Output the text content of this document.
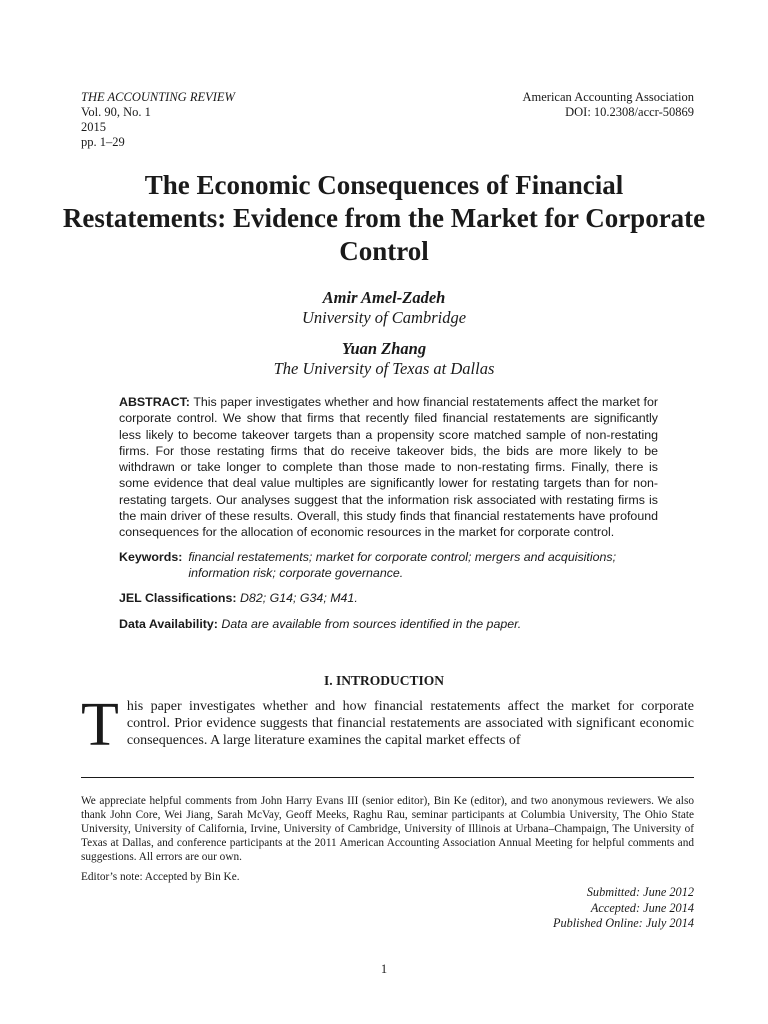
THE ACCOUNTING REVIEW
Vol. 90, No. 1
2015
pp. 1–29
American Accounting Association
DOI: 10.2308/accr-50869
The Economic Consequences of Financial Restatements: Evidence from the Market for Corporate Control
Amir Amel-Zadeh
University of Cambridge
Yuan Zhang
The University of Texas at Dallas

ABSTRACT: This paper investigates whether and how financial restatements affect the market for corporate control. We show that firms that recently filed financial restatements are significantly less likely to become takeover targets than a propensity score matched sample of non-restating firms. For those restating firms that do receive takeover bids, the bids are more likely to be withdrawn or take longer to complete than those made to non-restating firms. Finally, there is some evidence that deal value multiples are significantly lower for restating targets than for non-restating targets. Our analyses suggest that the information risk associated with restating firms is the main driver of these results. Overall, this study finds that financial restatements have profound consequences for the allocation of economic resources in the market for corporate control.

Keywords: financial restatements; market for corporate control; mergers and acquisitions; information risk; corporate governance.
JEL Classifications: D82; G14; G34; M41.
Data Availability: Data are available from sources identified in the paper.
I. INTRODUCTION
T his paper investigates whether and how financial restatements affect the market for corporate control. Prior evidence suggests that financial restatements are associated with significant economic consequences. A large literature examines the capital market effects of

We appreciate helpful comments from John Harry Evans III (senior editor), Bin Ke (editor), and two anonymous reviewers. We also thank John Core, Wei Jiang, Sarah McVay, Geoff Meeks, Raghu Rau, seminar participants at Columbia University, The Ohio State University, University of California, Irvine, University of Cambridge, University of Illinois at Urbana–Champaign, The University of Texas at Dallas, and conference participants at the 2011 American Accounting Association Annual Meeting for helpful comments and suggestions. All errors are our own.

Editor’s note: Accepted by Bin Ke.

Submitted: June 2012
Accepted: June 2014
Published Online: July 2014
1
